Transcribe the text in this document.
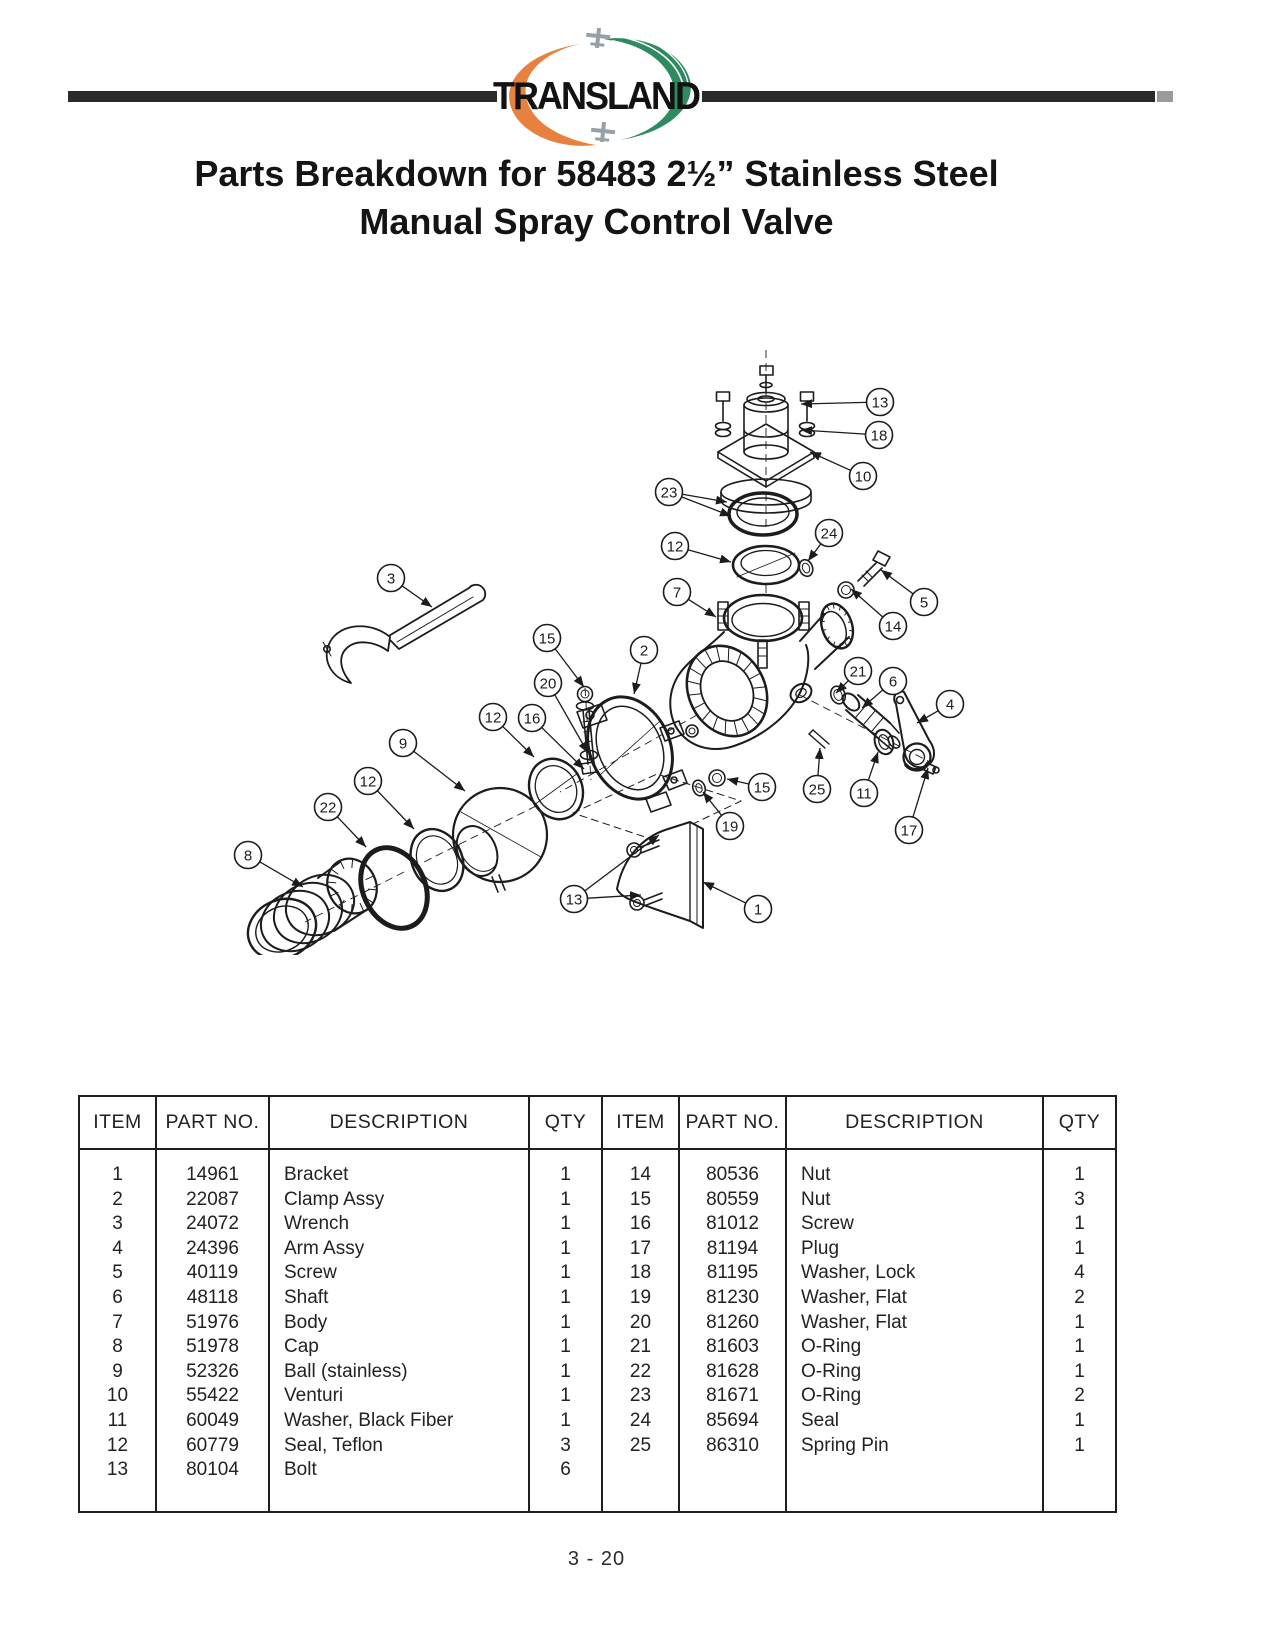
TRANSLAND
Parts Breakdown for 58483 2½” Stainless Steel
Manual Spray Control Valve
13
18
10
23
12
24
3
7
5
14
15
2
21
6
4
20
16
12
9
12
22
25 11
15
19	17
8
13
1
ITEM	PART NO.	DESCRIPTION	QTY	ITEM	PART NO.	DESCRIPTION	QTY

1	14961	Bracket	1	14	80536	Nut	1
2	22087	Clamp Assy	1	15	80559	Nut	3
3	24072	Wrench	1	16	81012	Screw	1
4	24396	Arm Assy	1	17	81194	Plug	1
5	40119	Screw	1	18	81195	Washer, Lock	4
6	48118	Shaft	1	19	81230	Washer, Flat	2
7	51976	Body	1	20	81260	Washer, Flat	1
8	51978	Cap	1	21	81603	O-Ring	1
9	52326	Ball (stainless)	1	22	81628	O-Ring	1
10	55422	Venturi	1	23	81671	O-Ring	2
11	60049	Washer, Black Fiber	1	24	85694	Seal	1
12	60779	Seal, Teflon	3	25	86310	Spring Pin	1
13	80104	Bolt	6				

3 - 20
